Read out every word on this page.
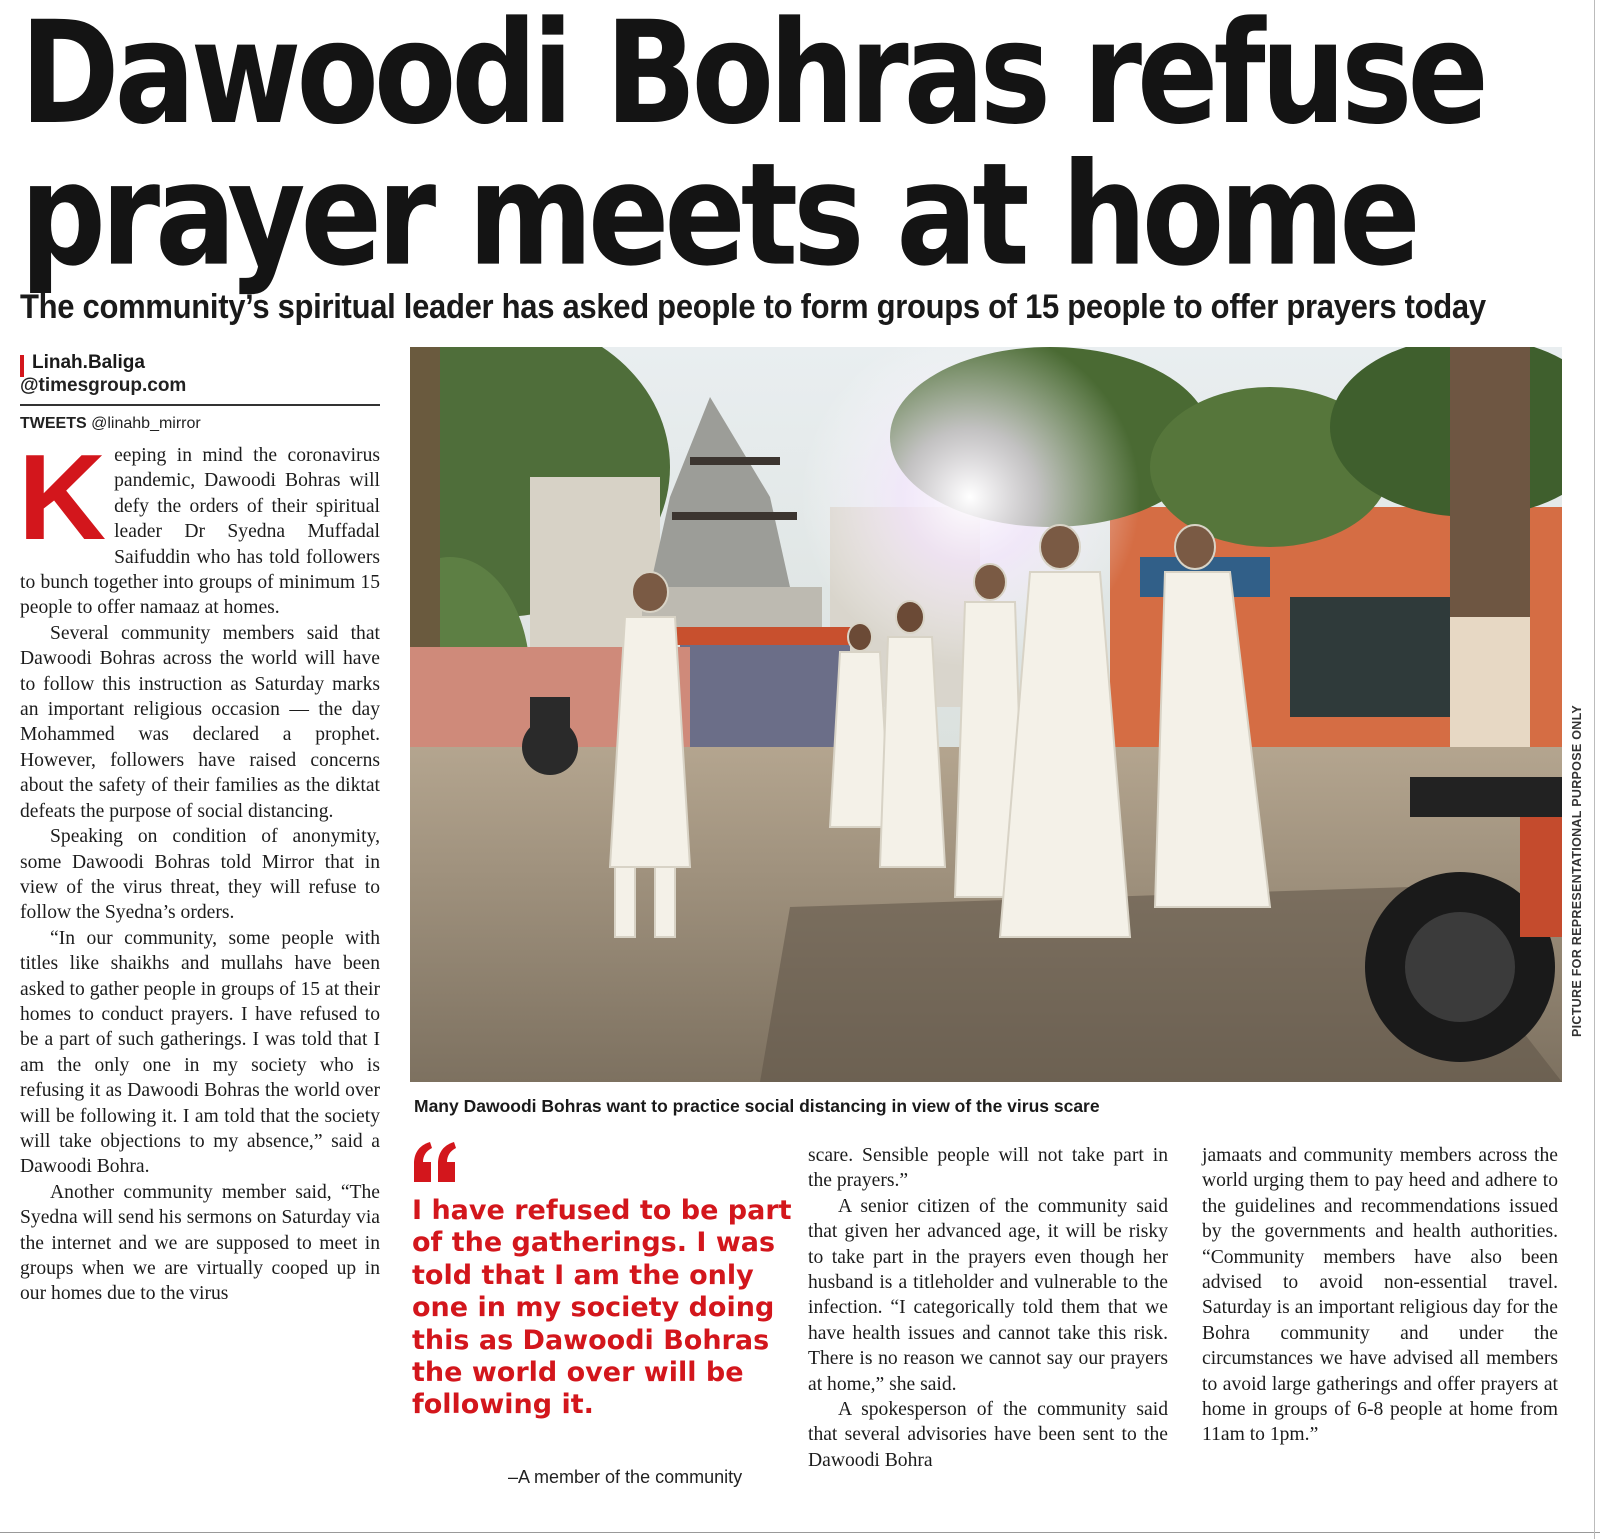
Dawoodi Bohras refuse
prayer meets at home
The community’s spiritual leader has asked people to form groups of 15 people to offer prayers today
Linah.Baliga
@timesgroup.com
TWEETS @linahb_mirror
K eeping in mind the coronavirus pandemic, Dawoodi Bohras will defy the orders of their spiritual leader Dr Syedna Muffadal Saifuddin who has told followers to bunch together into groups of minimum 15 people to offer namaaz at homes.

Several community members said that Dawoodi Bohras across the world will have to follow this instruction as Saturday marks an important religious occasion — the day Mohammed was declared a prophet. However, followers have raised concerns about the safety of their families as the diktat defeats the purpose of social distancing.

Speaking on condition of anonymity, some Dawoodi Bohras told Mirror that in view of the virus threat, they will refuse to follow the Syedna’s orders.

“In our community, some people with titles like shaikhs and mullahs have been asked to gather people in groups of 15 at their homes to conduct prayers. I have refused to be a part of such gatherings. I was told that I am the only one in my society who is refusing it as Dawoodi Bohras the world over will be following it. I am told that the society will take objections to my absence,” said a Dawoodi Bohra.

Another community member said, “The Syedna will send his sermons on Saturday via the internet and we are supposed to meet in groups when we are virtually cooped up in our homes due to the virus

PICTURE FOR REPRESENTATIONAL PURPOSE ONLY
Many Dawoodi Bohras want to practice social distancing in view of the virus scare
I have refused to be part of the gatherings. I was told that I am the only one in my society doing this as Dawoodi Bohras the world over will be following it.
–A member of the community

scare. Sensible people will not take part in the prayers.”

A senior citizen of the community said that given her advanced age, it will be risky to take part in the prayers even though her husband is a titleholder and vulnerable to the infection. “I categorically told them that we have health issues and cannot take this risk. There is no reason we cannot say our prayers at home,” she said.

A spokesperson of the community said that several advisories have been sent to the Dawoodi Bohra

jamaats and community members across the world urging them to pay heed and adhere to the guidelines and recommendations issued by the governments and health authorities. “Community members have also been advised to avoid non-essential travel. Saturday is an important religious day for the Bohra community and under the circumstances we have advised all members to avoid large gatherings and offer prayers at home in groups of 6-8 people at home from 11am to 1pm.”
